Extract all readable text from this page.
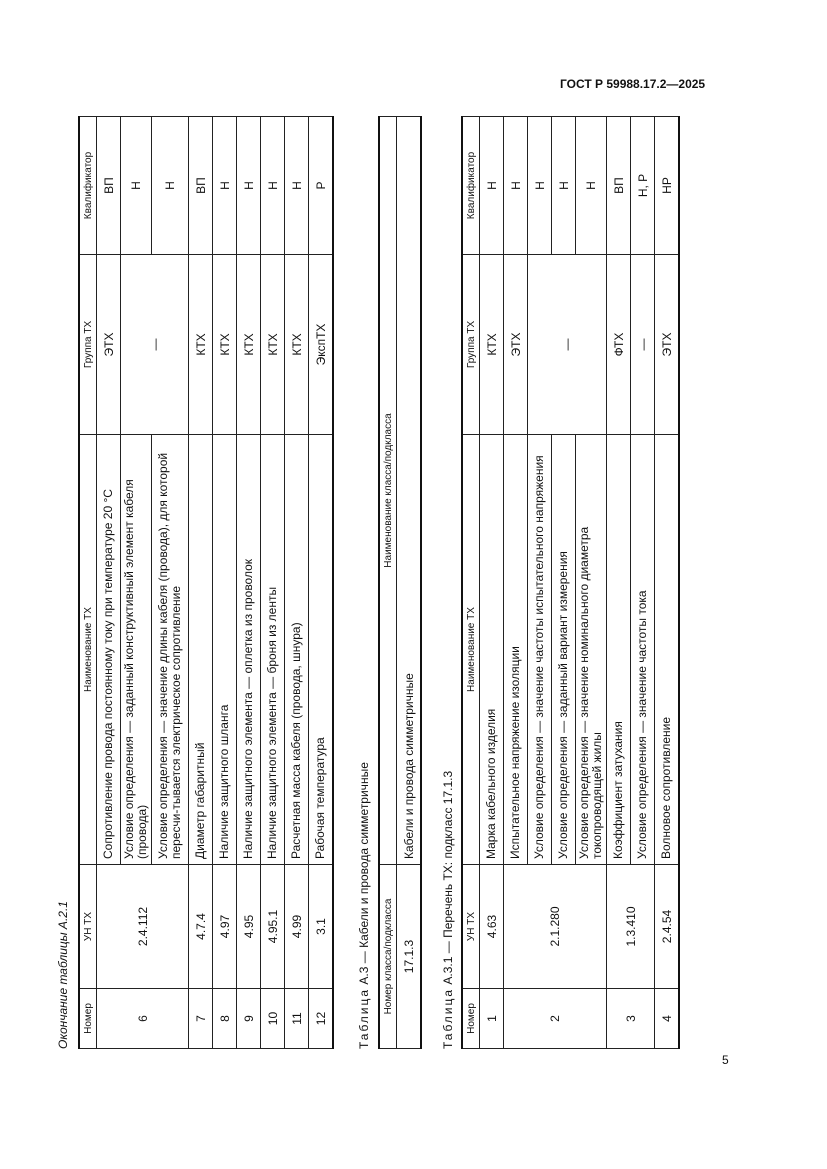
ГОСТ Р 59988.17.2—2025

Окончание таблицы А.2.1 Номер	УН ТХ	Наименование ТХ	Группа ТХ	Квалификатор
6	2.4.112	Сопротивление провода постоянному току при температуре 20 °С	ЭТХ	ВП
		Условие определения — заданный конструктивный элемент кабеля (провода)	—	Н
		Условие определения — значение длины кабеля (провода), для которой пересчи-тывается электрическое сопротивление		Н
7	4.7.4	Диаметр габаритный	КТХ	ВП
8	4.97	Наличие защитного шланга	КТХ	Н
9	4.95	Наличие защитного элемента — оплетка из проволок	КТХ	Н
10	4.95.1	Наличие защитного элемента — броня из ленты	КТХ	Н
11	4.99	Расчетная масса кабеля (провода, шнура)	КТХ	Н
12	3.1	Рабочая температура	ЭкспТХ	Р

Таблица А.3 — Кабели и провода симметричные Номер класса/подкласса	Наименование класса/подкласса
17.1.3	Кабели и провода симметричные

Таблица А.3.1 — Перечень ТХ: подкласс 17.1.3

Номер	УН ТХ	Наименование ТХ	Группа ТХ	Квалификатор
1	4.63	Марка кабельного изделия	КТХ	Н
2	2.1.280	Испытательное напряжение изоляции	ЭТХ	Н
		Условие определения — значение частоты испытательного напряжения	—	Н
		Условие определения — заданный вариант измерения		Н
		Условие определения — значение номинального диаметра токопроводящей жилы		Н
3	1.3.410	Коэффициент затухания	ФТХ	ВП
		Условие определения — значение частоты тока	—	Н, Р
4	2.4.54	Волновое сопротивление	ЭТХ	НР
5
